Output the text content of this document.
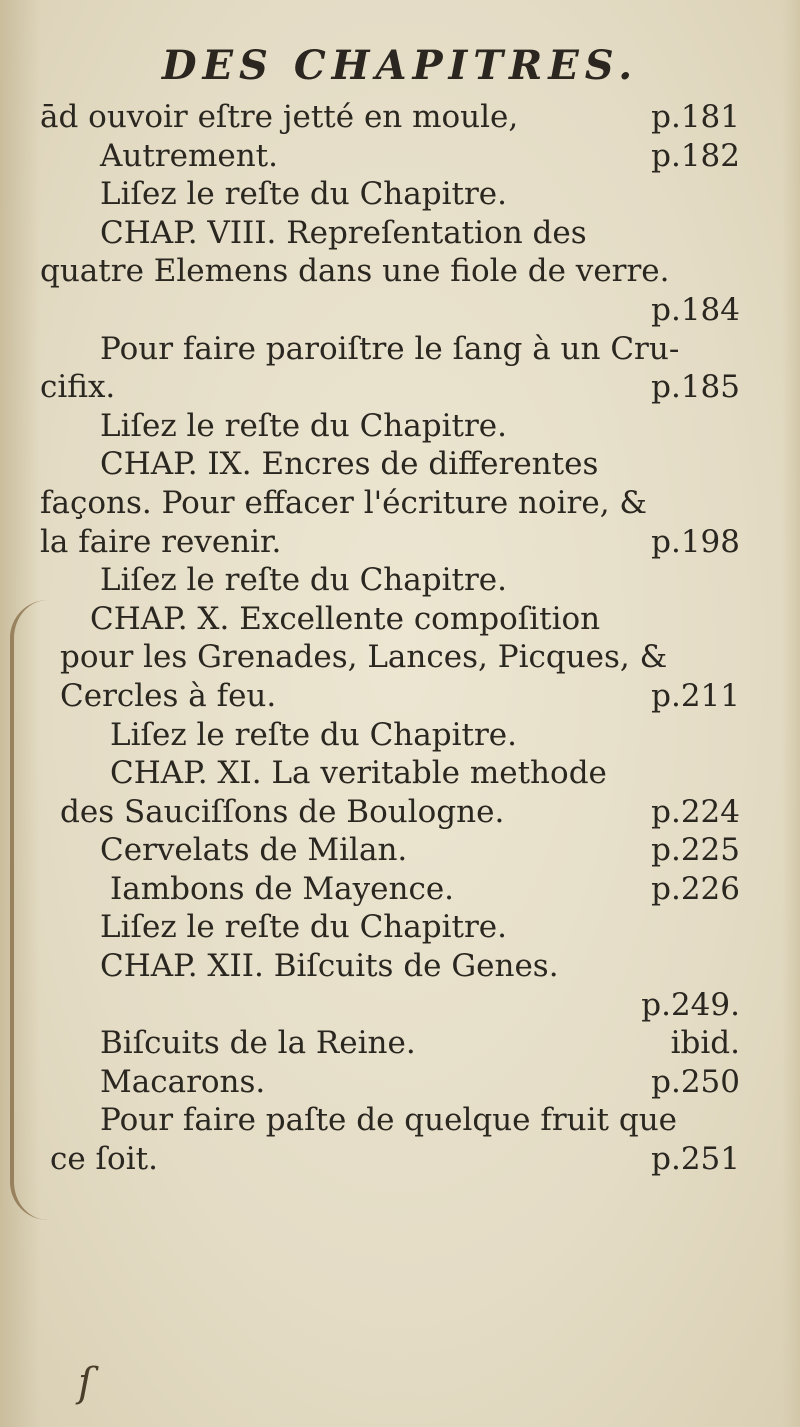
DES CHAPITRES.
ād ouvoir eſtre jetté en moule,	p.181
Autrement.	p.182
Liſez le reſte du Chapitre.
CHAP. VIII. Repreſentation des
quatre Elemens dans une fiole de verre.
p.184
Pour faire paroiſtre le ſang à un Cru-
cifix.	p.185
Liſez le reſte du Chapitre.
CHAP. IX. Encres de differentes
façons. Pour effacer l'écriture noire, &
la faire revenir.	p.198
Liſez le reſte du Chapitre.
CHAP. X. Excellente compoſition
pour les Grenades, Lances, Picques, &
Cercles à feu.	p.211
Liſez le reſte du Chapitre.
CHAP. XI. La veritable methode
des Sauciſſons de Boulogne.	p.224
Cervelats de Milan.	p.225
Iambons de Mayence.	p.226
Liſez le reſte du Chapitre.
CHAP. XII. Biſcuits de Genes.
p.249.
Biſcuits de la Reine.	ibid.
Macarons.	p.250
Pour faire paſte de quelque fruit que
ce ſoit.	p.251
ſ
